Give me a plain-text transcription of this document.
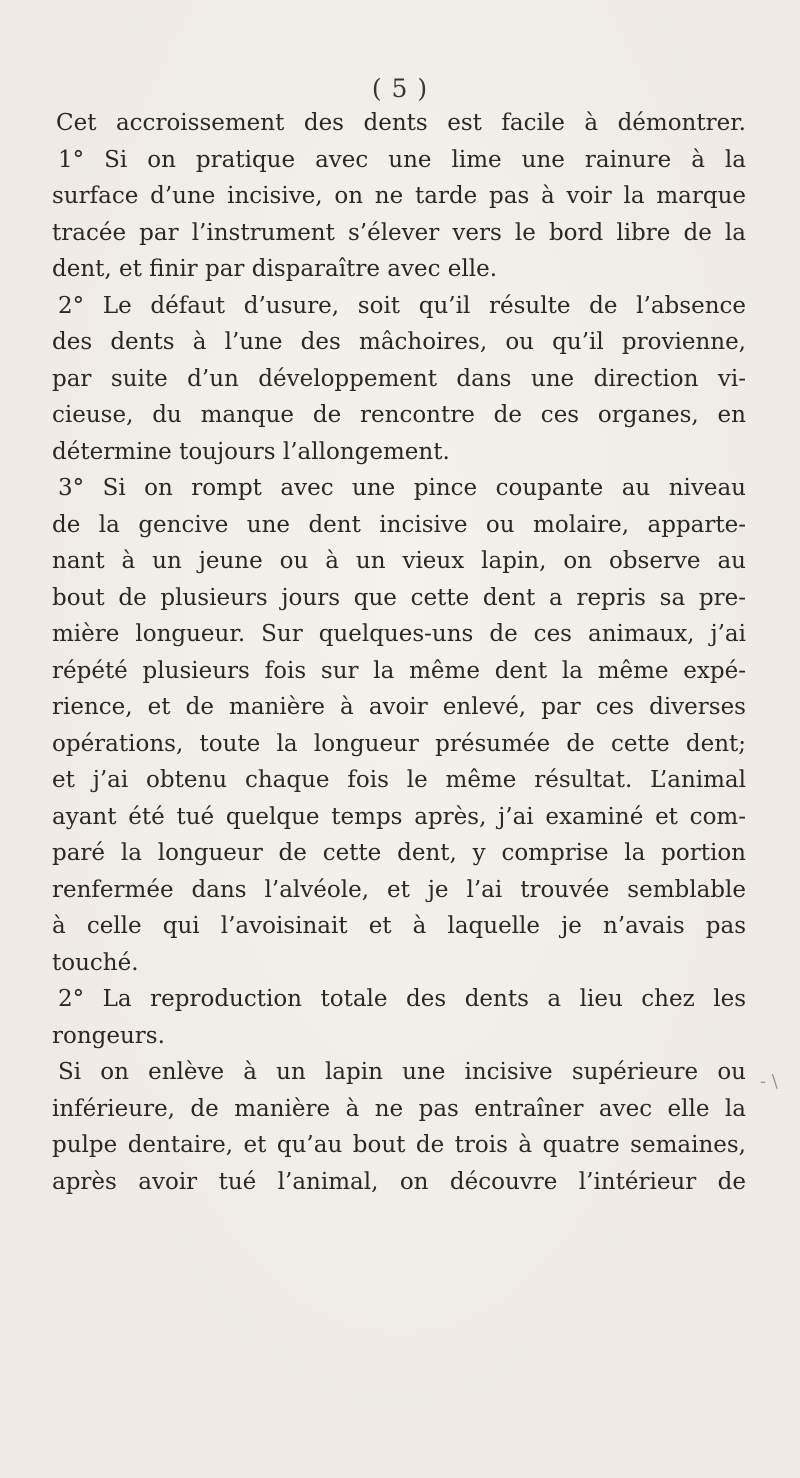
( 5 )
Cet accroissement des dents est facile à démontrer.
1° Si on pratique avec une lime une rainure à la
surface d’une incisive, on ne tarde pas à voir la marque
tracée par l’instrument s’élever vers le bord libre de la
dent, et finir par disparaître avec elle.
2° Le défaut d’usure, soit qu’il résulte de l’absence
des dents à l’une des mâchoires, ou qu’il provienne,
par suite d’un développement dans une direction vi-
cieuse, du manque de rencontre de ces organes, en
détermine toujours l’allongement.
3° Si on rompt avec une pince coupante au niveau
de la gencive une dent incisive ou molaire, apparte-
nant à un jeune ou à un vieux lapin, on observe au
bout de plusieurs jours que cette dent a repris sa pre-
mière longueur. Sur quelques-uns de ces animaux, j’ai
répété plusieurs fois sur la même dent la même expé-
rience, et de manière à avoir enlevé, par ces diverses
opérations, toute la longueur présumée de cette dent;
et j’ai obtenu chaque fois le même résultat. L’animal
ayant été tué quelque temps après, j’ai examiné et com-
paré la longueur de cette dent, y comprise la portion
renfermée dans l’alvéole, et je l’ai trouvée semblable
à celle qui l’avoisinait et à laquelle je n’avais pas
touché.
2° La reproduction totale des dents a lieu chez les
rongeurs.
Si on enlève à un lapin une incisive supérieure ou
inférieure, de manière à ne pas entraîner avec elle la
pulpe dentaire, et qu’au bout de trois à quatre semaines,
après avoir tué l’animal, on découvre l’intérieur de
- \
